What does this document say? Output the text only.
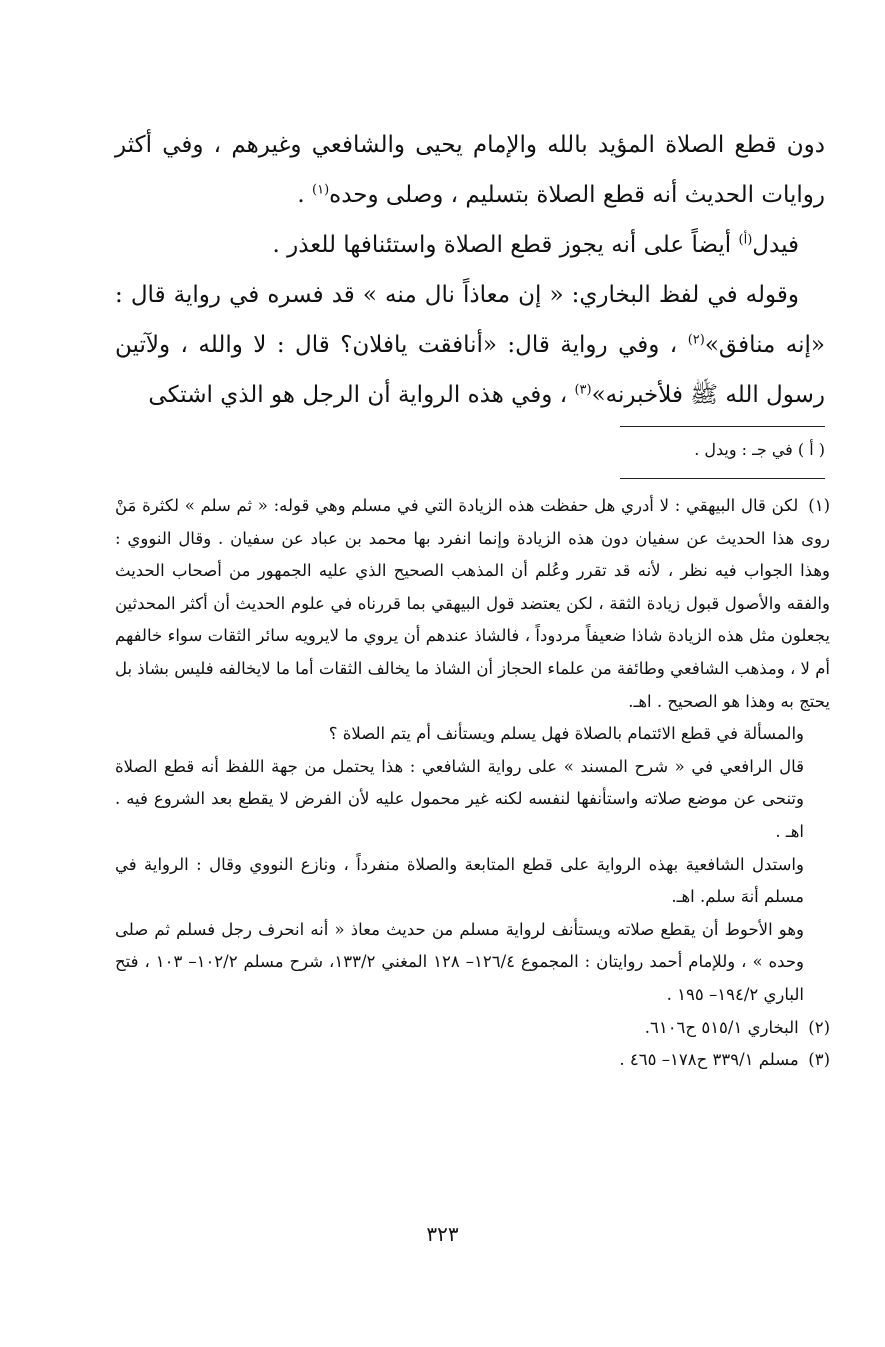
دون قطع الصلاة المؤيد بالله والإمام يحيى والشافعي وغيرهم ، وفي أكثر روايات الحديث أنه قطع الصلاة بتسليم ، وصلى وحده$^{(١)}$ .

فيدل$^{(أ)}$ أيضاً على أنه يجوز قطع الصلاة واستئنافها للعذر .

وقوله في لفظ البخاري: « إن معاذاً نال منه » قد فسره في رواية قال : «إنه منافق»$^{(٢)}$ ، وفي رواية قال: «أنافقت يافلان؟ قال : لا والله ، ولآتين رسول الله ﷺ فلأخبرنه»$^{(٣)}$ ، وفي هذه الرواية أن الرجل هو الذي اشتكى

( أ ) في جـ : ويدل .

(١) لكن قال البيهقي : لا أدري هل حفظت هذه الزيادة التي في مسلم وهي قوله: « ثم سلم » لكثرة مَنْ روى هذا الحديث عن سفيان دون هذه الزيادة وإنما انفرد بها محمد بن عباد عن سفيان . وقال النووي : وهذا الجواب فيه نظر ، لأنه قد تقرر وعُلم أن المذهب الصحيح الذي عليه الجمهور من أصحاب الحديث والفقه والأصول قبول زيادة الثقة ، لكن يعتضد قول البيهقي بما قررناه في علوم الحديث أن أكثر المحدثين يجعلون مثل هذه الزيادة شاذا ضعيفاً مردوداً ، فالشاذ عندهم أن يروي ما لايرويه سائر الثقات سواء خالفهم أم لا ، ومذهب الشافعي وطائفة من علماء الحجاز أن الشاذ ما يخالف الثقات أما ما لايخالفه فليس بشاذ بل يحتج به وهذا هو الصحيح . اهـ.

والمسألة في قطع الائتمام بالصلاة فهل يسلم ويستأنف أم يتم الصلاة ؟

قال الرافعي في « شرح المسند » على رواية الشافعي : هذا يحتمل من جهة اللفظ أنه قطع الصلاة وتنحى عن موضع صلاته واستأنفها لنفسه لكنه غير محمول عليه لأن الفرض لا يقطع بعد الشروع فيه . اهـ .

واستدل الشافعية بهذه الرواية على قطع المتابعة والصلاة منفرداً ، ونازع النووي وقال : الرواية في مسلم أنهَ سلم. اهـ.

وهو الأحوط أن يقطع صلاته ويستأنف لرواية مسلم من حديث معاذ « أنه انحرف رجل فسلم ثم صلى وحده » ، وللإمام أحمد روايتان : المجموع ١٢٦/٤– ١٢٨ المغني ١٣٣/٢، شرح مسلم ١٠٢/٢– ١٠٣ ، فتح الباري ١٩٤/٢– ١٩٥ .

(٢) البخاري ٥١٥/١ ح٦١٠٦.

(٣) مسلم ٣٣٩/١ ح١٧٨– ٤٦٥ .

٣٢٣
